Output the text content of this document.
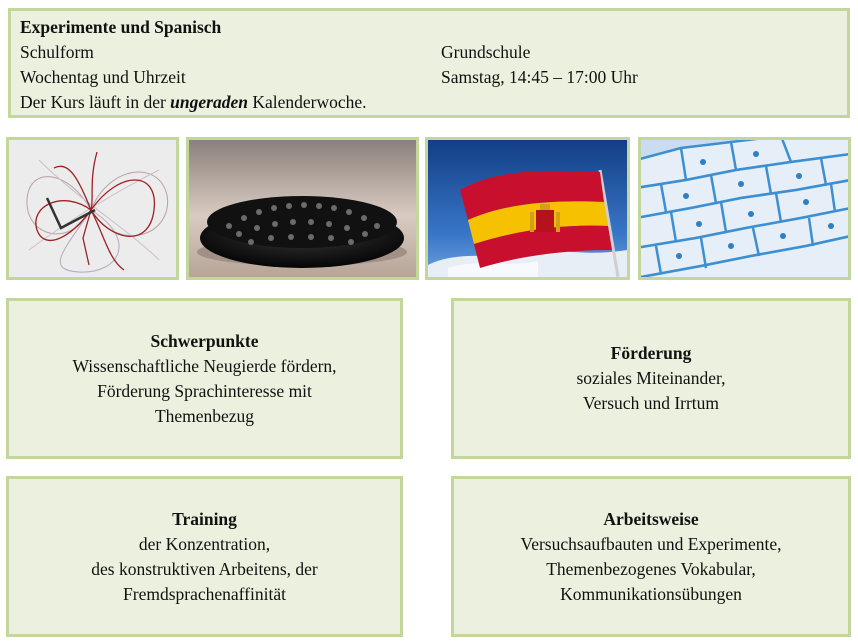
Experimente und Spanisch
Schulform	Grundschule
Wochentag und Uhrzeit	Samstag, 14:45 – 17:00 Uhr
Der Kurs läuft in der ungeraden Kalenderwoche.
Schwerpunkte
Wissenschaftliche Neugierde fördern,
Förderung Sprachinteresse mit
Themenbezug
Förderung
soziales Miteinander,
Versuch und Irrtum
Training
der Konzentration,
des konstruktiven Arbeitens, der
Fremdsprachenaffinität
Arbeitsweise
Versuchsaufbauten und Experimente,
Themenbezogenes Vokabular,
Kommunikationsübungen
